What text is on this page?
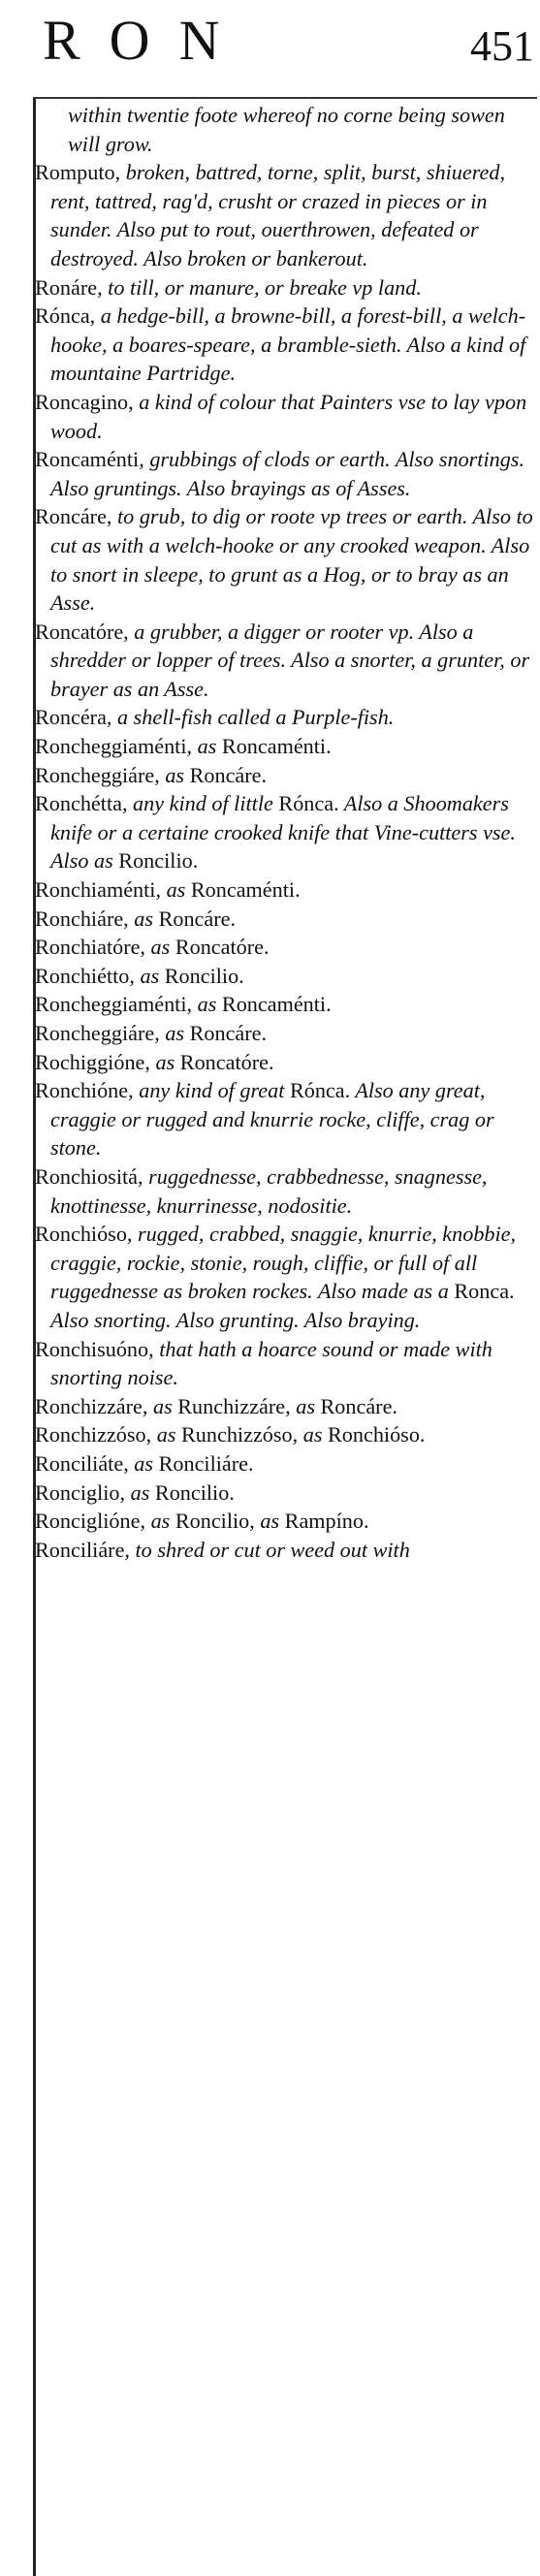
RON	451

within twentie foote whereof no corne being sowen will grow.

Romputo, broken, battred, torne, split, burst, shiuered, rent, tattred, rag'd, crusht or crazed in pieces or in sunder. Also put to rout, ouerthrowen, defeated or destroyed. Also broken or bankerout.

Ronáre, to till, or manure, or breake vp land.

Rónca, a hedge-bill, a browne-bill, a forest-bill, a welch-hooke, a boares-speare, a bramble-sieth. Also a kind of mountaine Partridge.

Roncagino, a kind of colour that Painters vse to lay vpon wood.

Roncaménti, grubbings of clods or earth. Also snortings. Also gruntings. Also brayings as of Asses.

Roncáre, to grub, to dig or roote vp trees or earth. Also to cut as with a welch-hooke or any crooked weapon. Also to snort in sleepe, to grunt as a Hog, or to bray as an Asse.

Roncatóre, a grubber, a digger or rooter vp. Also a shredder or lopper of trees. Also a snorter, a grunter, or brayer as an Asse.

Roncéra, a shell-fish called a Purple-fish.

Roncheggiaménti, as Roncaménti.

Roncheggiáre, as Roncáre.

Ronchétta, any kind of little Rónca. Also a Shoomakers knife or a certaine crooked knife that Vine-cutters vse. Also as Roncilio.

Ronchiaménti, as Roncaménti.

Ronchiáre, as Roncáre.

Ronchiatóre, as Roncatóre.

Ronchiétto, as Roncilio.

Roncheggiaménti, as Roncaménti.

Roncheggiáre, as Roncáre.

Rochiggióne, as Roncatóre.

Ronchióne, any kind of great Rónca. Also any great, craggie or rugged and knurrie rocke, cliffe, crag or stone.

Ronchiositá, ruggednesse, crabbednesse, snagnesse, knottinesse, knurrinesse, nodositie.

Ronchióso, rugged, crabbed, snaggie, knurrie, knobbie, craggie, rockie, stonie, rough, cliffie, or full of all ruggednesse as broken rockes. Also made as a Ronca. Also snorting. Also grunting. Also braying.

Ronchisuóno, that hath a hoarce sound or made with snorting noise.

Ronchizzáre, as Runchizzáre, as Roncáre.

Ronchizzóso, as Runchizzóso, as Ronchióso.

Ronciliáte, as Ronciliáre.

Ronciglio, as Roncilio.

Ronciglióne, as Roncilio, as Rampíno.

Ronciliáre, to shred or cut or weed out with
